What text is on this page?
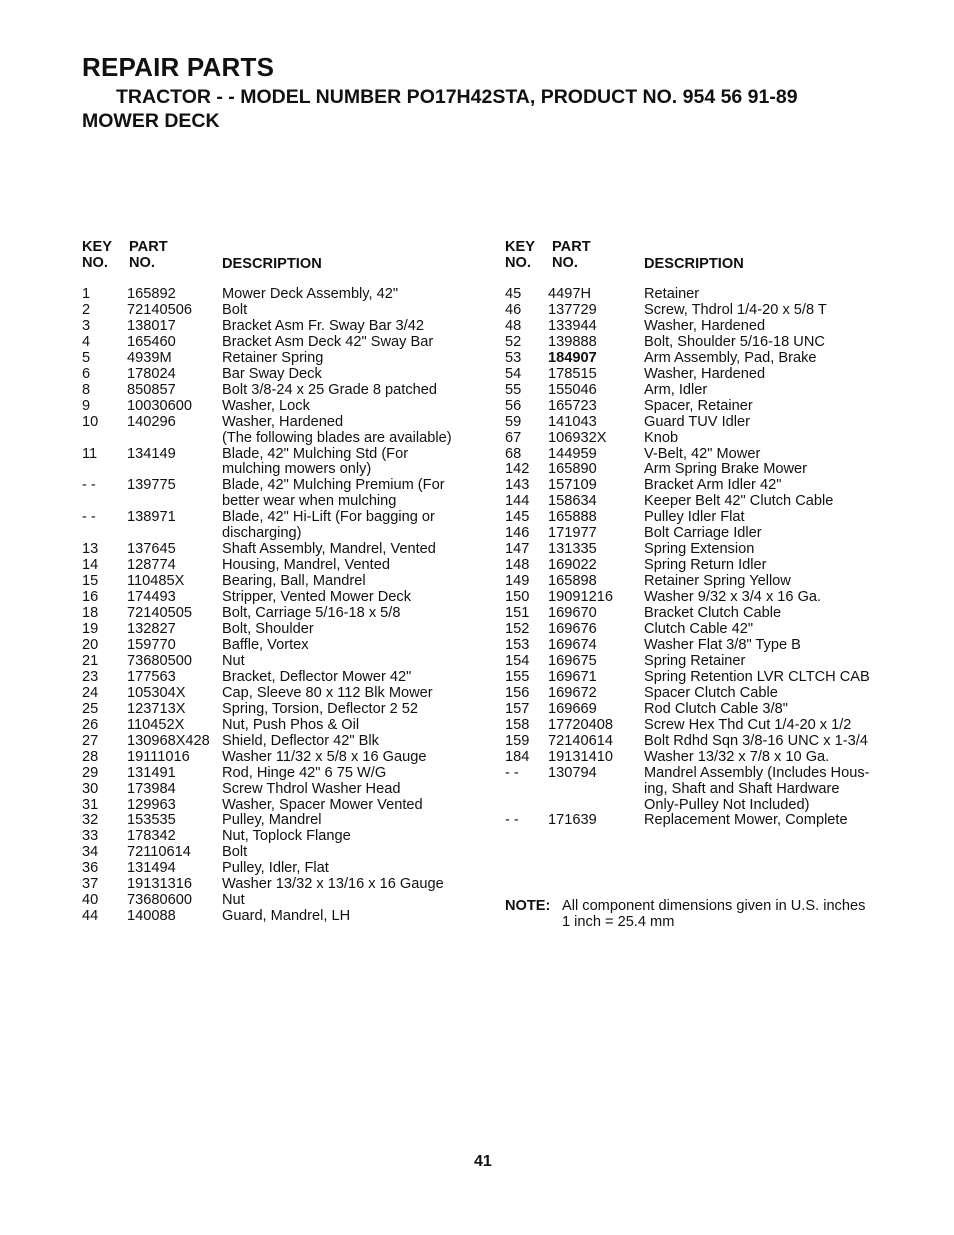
REPAIR PARTS
TRACTOR - - MODEL NUMBER PO17H42STA, PRODUCT NO. 954 56 91-89
MOWER DECK
KEY
NO.
PART
NO.	DESCRIPTION
1	165892	Mower Deck Assembly, 42"
2	72140506 Bolt
3	138017	Bracket Asm Fr. Sway Bar 3/42
4	165460	Bracket Asm Deck 42" Sway Bar
5	4939M	Retainer Spring
6	178024	Bar Sway Deck
8	850857	Bolt 3/8-24 x 25 Grade 8 patched
9	10030600 Washer, Lock
10 140296	Washer, Hardened
(The following blades are available)
11 134149	Blade, 42" Mulching Std (For
mulching mowers only)
- - 139775	Blade, 42" Mulching Premium (For
better wear when mulching
- - 138971	Blade, 42" Hi-Lift (For bagging or
discharging)
13 137645	Shaft Assembly, Mandrel, Vented
14 128774	Housing, Mandrel, Vented
15 110485X	Bearing, Ball, Mandrel
16 174493	Stripper, Vented Mower Deck
18 72140505 Bolt, Carriage 5/16-18 x 5/8
19 132827	Bolt, Shoulder
20 159770	Baffle, Vortex
21 73680500 Nut
23 177563	Bracket, Deflector Mower 42"
24 105304X	Cap, Sleeve 80 x 112 Blk Mower
25 123713X	Spring, Torsion, Deflector 2 52
26 110452X	Nut, Push Phos & Oil
27 130968X428 Shield, Deflector 42" Blk
28 19111016 Washer 11/32 x 5/8 x 16 Gauge
29 131491	Rod, Hinge 42" 6 75 W/G
30 173984	Screw Thdrol Washer Head
31 129963	Washer, Spacer Mower Vented
32 153535	Pulley, Mandrel
33 178342	Nut, Toplock Flange
34 72110614 Bolt
36 131494	Pulley, Idler, Flat
37 19131316 Washer 13/32 x 13/16 x 16 Gauge
40 73680600 Nut
44 140088	Guard, Mandrel, LH
KEY
NO.
PART
NO.	DESCRIPTION
45 4497H	Retainer
46 137729	Screw, Thdrol 1/4-20 x 5/8 T
48 133944	Washer, Hardened
52 139888	Bolt, Shoulder 5/16-18 UNC
53 184907	Arm Assembly, Pad, Brake
54 178515	Washer, Hardened
55 155046	Arm, Idler
56 165723	Spacer, Retainer
59 141043	Guard TUV Idler
67 106932X	Knob
68 144959	V-Belt, 42" Mower
142 165890	Arm Spring Brake Mower
143 157109	Bracket Arm Idler 42"
144 158634	Keeper Belt 42" Clutch Cable
145 165888	Pulley Idler Flat
146 171977	Bolt Carriage Idler
147 131335	Spring Extension
148 169022	Spring Return Idler
149 165898	Retainer Spring Yellow
150 19091216 Washer 9/32 x 3/4 x 16 Ga.
151 169670	Bracket Clutch Cable
152 169676	Clutch Cable 42"
153 169674	Washer Flat 3/8" Type B
154 169675	Spring Retainer
155 169671	Spring Retention LVR CLTCH CAB
156 169672	Spacer Clutch Cable
157 169669	Rod Clutch Cable 3/8"
158 17720408 Screw Hex Thd Cut 1/4-20 x 1/2
159 72140614 Bolt Rdhd Sqn 3/8-16 UNC x 1-3/4
184 19131410 Washer 13/32 x 7/8 x 10 Ga.
- - 130794	Mandrel Assembly (Includes Hous-
ing, Shaft and Shaft Hardware
Only-Pulley Not Included)
- - 171639	Replacement Mower, Complete
NOTE: All component dimensions given in U.S. inches
1 inch = 25.4 mm
41
